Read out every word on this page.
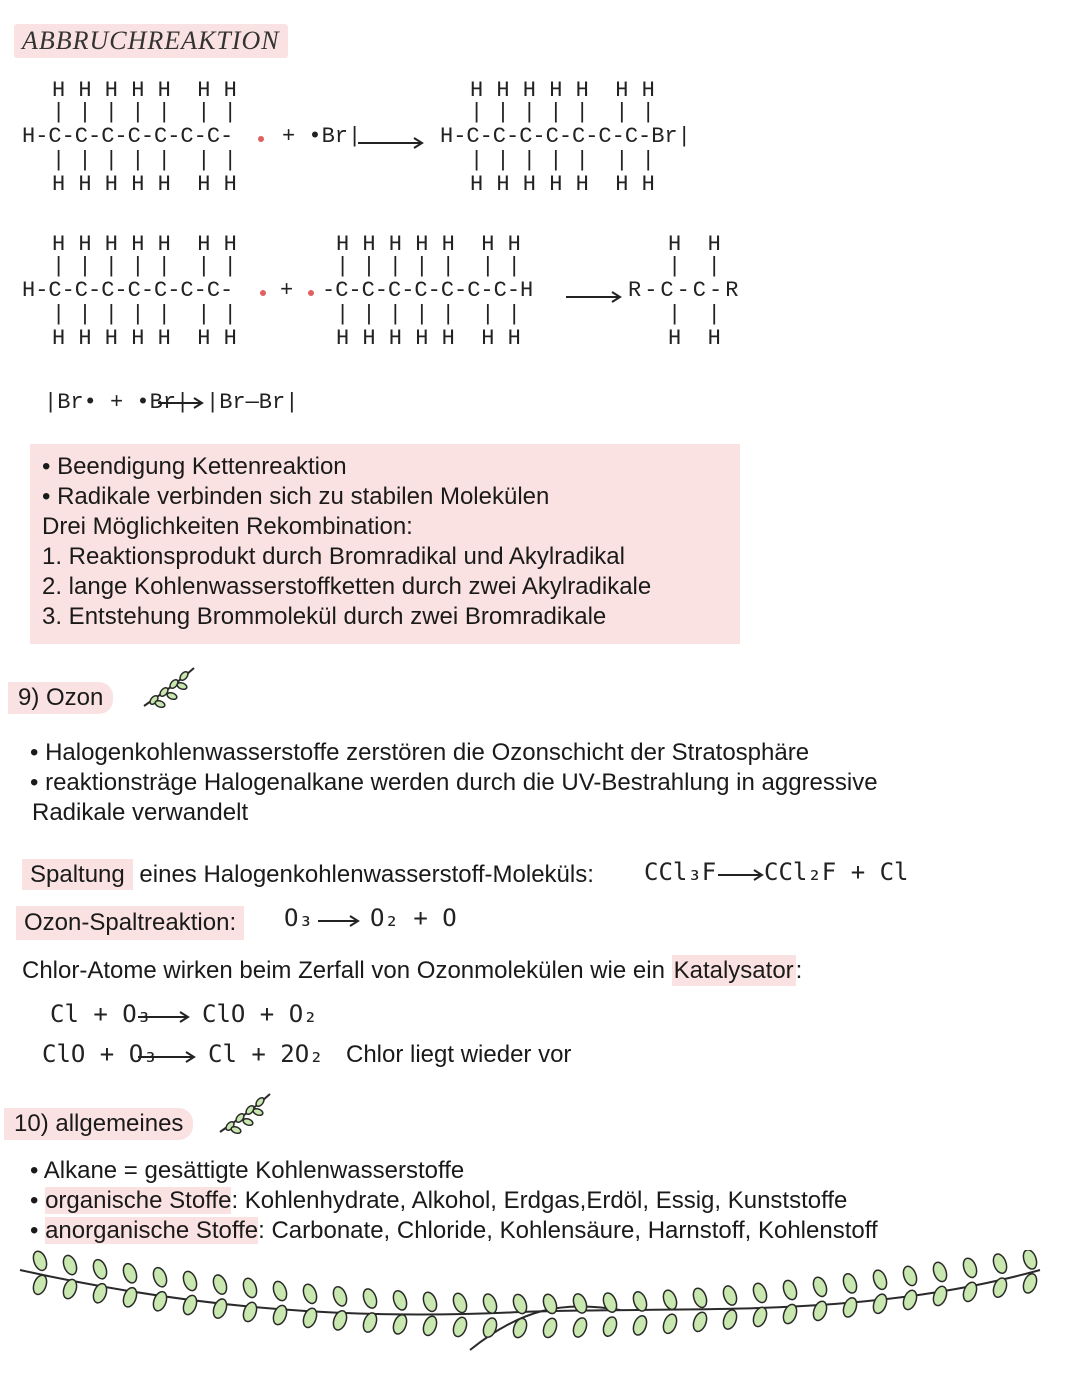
ABBRUCHREAKTION
H H H H H  H H
| | | | |  | |
H-C-C-C-C-C-C-C-
| | | | |  | |
H H H H H  H H
+ •Br|
H H H H H  H H
| | | | |  | |
H-C-C-C-C-C-C-C-Br|
| | | | |  | |
H H H H H  H H
H H H H H  H H
| | | | |  | |
H-C-C-C-C-C-C-C-
| | | | |  | |
H H H H H  H H
+
H H H H H  H H
| | | | |  | |
-C-C-C-C-C-C-C-H
| | | | |  | |
H H H H H  H H
H  H
|  |
R-C-C-R
|  |
H  H
|Br• + •Br| |Br—Br|
• Beendigung Kettenreaktion
• Radikale verbinden sich zu stabilen Molekülen
Drei Möglichkeiten Rekombination:
1. Reaktionsprodukt durch Bromradikal und Akylradikal
2. lange Kohlenwasserstoffketten durch zwei Akylradikale
3. Entstehung Brommolekül durch zwei Bromradikale
9) Ozon
• Halogenkohlenwasserstoffe zerstören die Ozonschicht der Stratosphäre
• reaktionsträge Halogenalkane werden durch die UV-Bestrahlung in aggressive
Radikale verwandelt
Spaltung eines Halogenkohlenwasserstoff-Moleküls: CCl₃F CCl₂F + Cl
Ozon-Spaltreaktion:	O₃ O₂ + O
Chlor-Atome wirken beim Zerfall von Ozonmolekülen wie ein Katalysator:
Cl + O₃ ClO + O₂
ClO + O₃ Cl + 2O₂ Chlor liegt wieder vor
10) allgemeines
• Alkane = gesättigte Kohlenwasserstoffe
• organische Stoffe: Kohlenhydrate, Alkohol, Erdgas,Erdöl, Essig, Kunststoffe
• anorganische Stoffe: Carbonate, Chloride, Kohlensäure, Harnstoff, Kohlenstoff
